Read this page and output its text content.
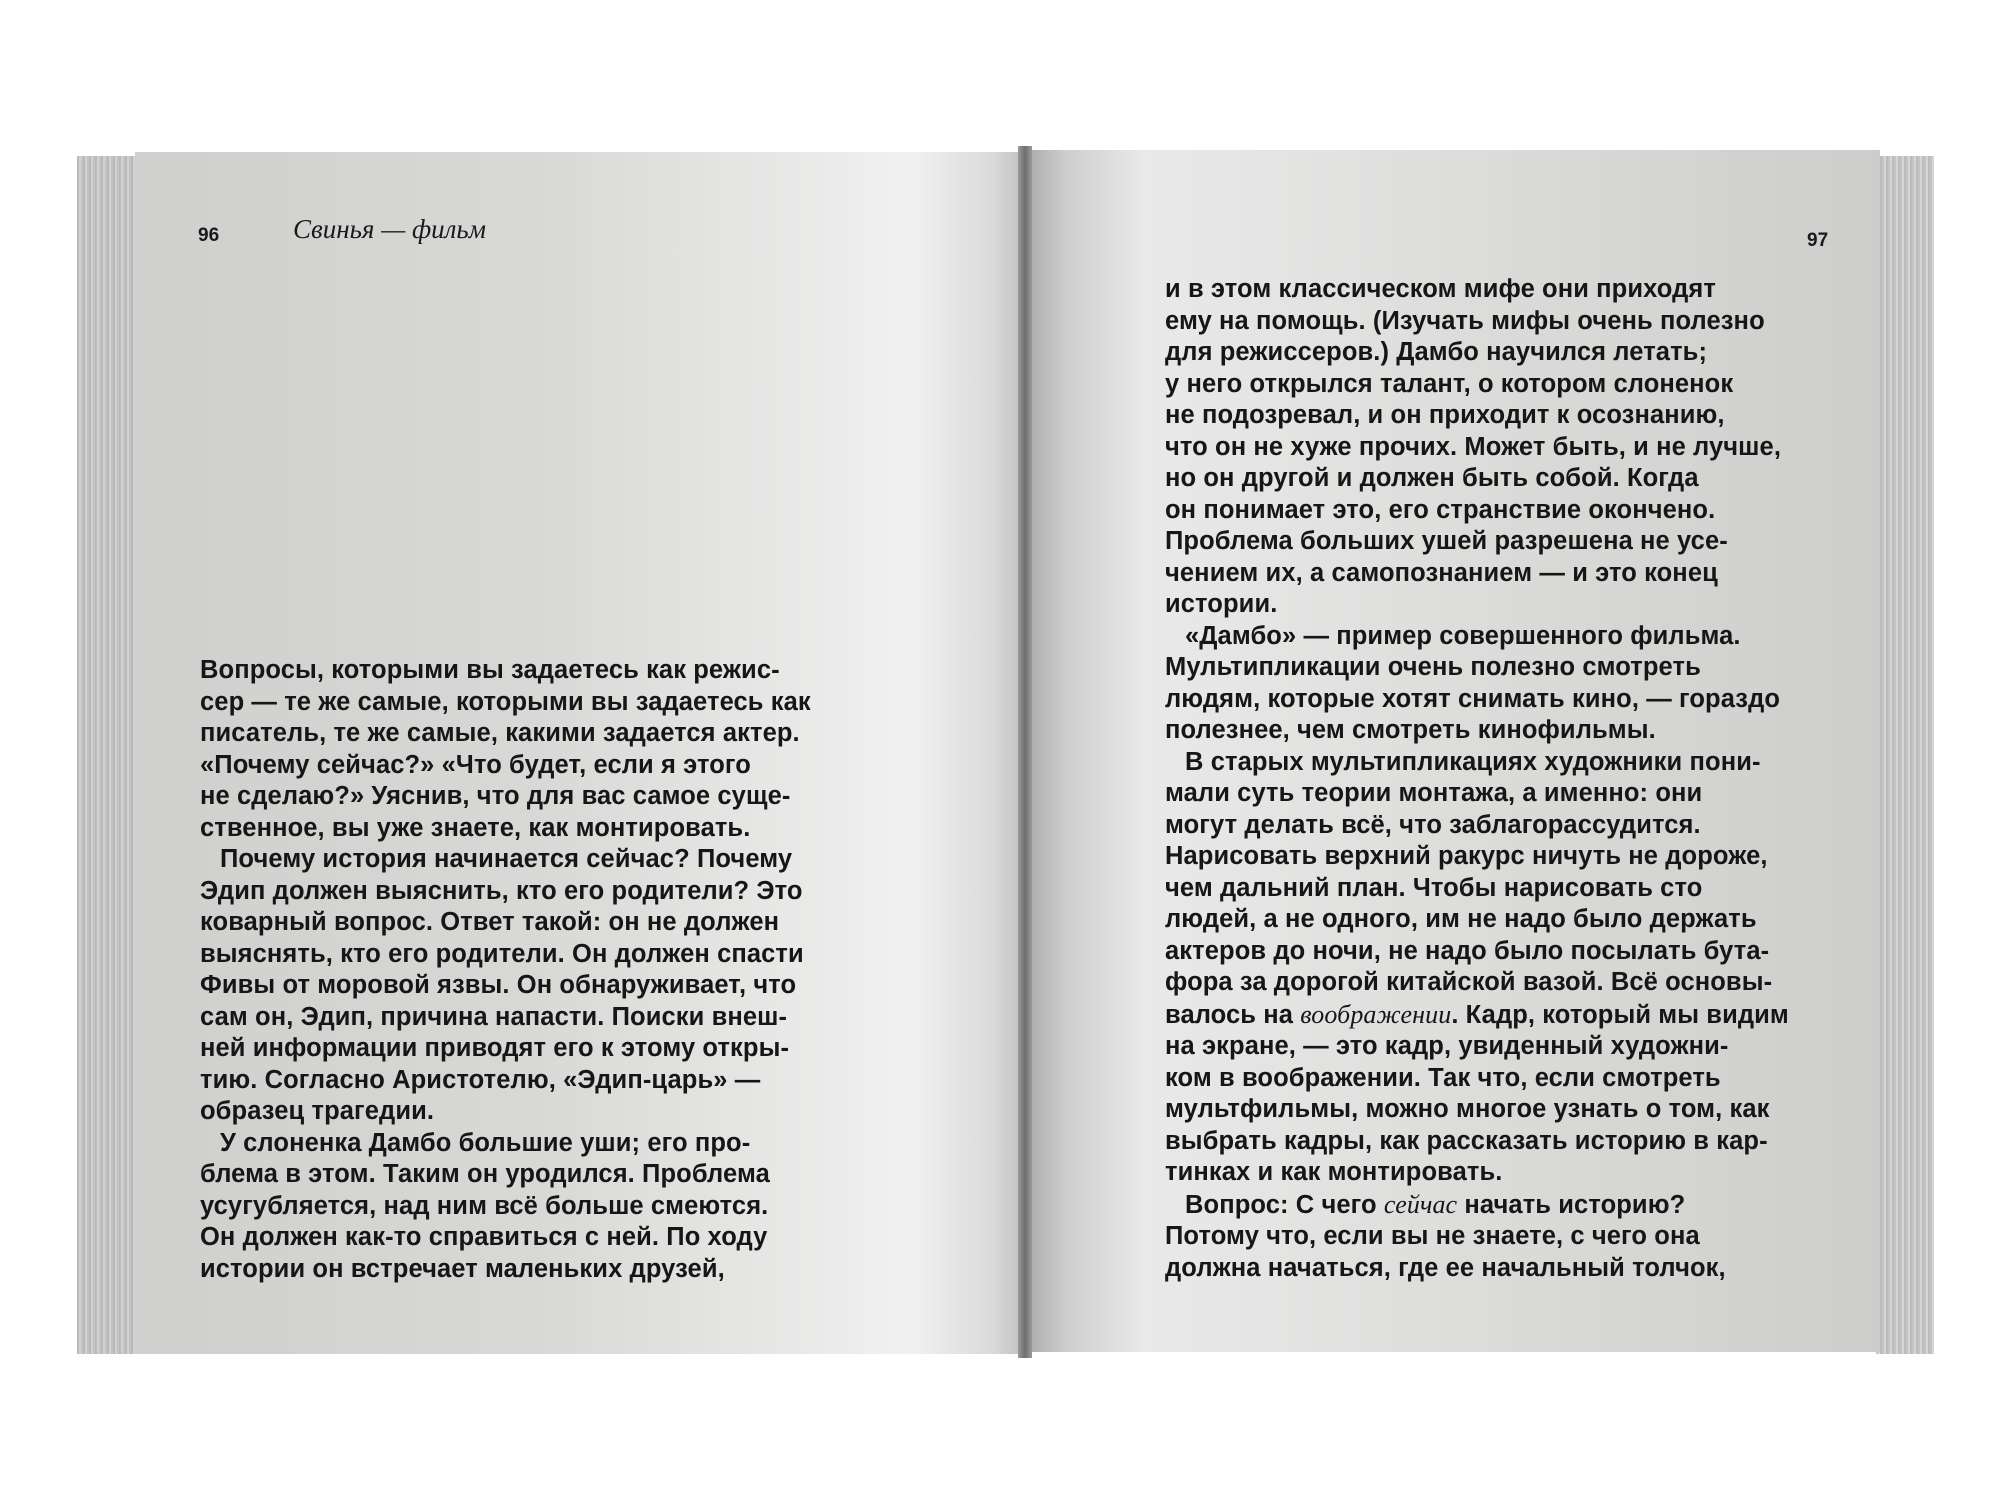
96	Свинья — фильм	97
Вопросы, которыми вы задаетесь как режис-
сер — те же самые, которыми вы задаетесь как
писатель, те же самые, какими задается актер.
«Почему сейчас?» «Что будет, если я этого
не сделаю?» Уяснив, что для вас самое суще-
ственное, вы уже знаете, как монтировать.
Почему история начинается сейчас? Почему
Эдип должен выяснить, кто его родители? Это
коварный вопрос. Ответ такой: он не должен
выяснять, кто его родители. Он должен спасти
Фивы от моровой язвы. Он обнаруживает, что
сам он, Эдип, причина напасти. Поиски внеш-
ней информации приводят его к этому откры-
тию. Согласно Аристотелю, «Эдип-царь» —
образец трагедии.
У слоненка Дамбо большие уши; его про-
блема в этом. Таким он уродился. Проблема
усугубляется, над ним всё больше смеются.
Он должен как-то справиться с ней. По ходу
истории он встречает маленьких друзей,
и в этом классическом мифе они приходят
ему на помощь. (Изучать мифы очень полезно
для режиссеров.) Дамбо научился летать;
у него открылся талант, о котором слоненок
не подозревал, и он приходит к осознанию,
что он не хуже прочих. Может быть, и не лучше,
но он другой и должен быть собой. Когда
он понимает это, его странствие окончено.
Проблема больших ушей разрешена не усе-
чением их, а самопознанием — и это конец
истории.
«Дамбо» — пример совершенного фильма.
Мультипликации очень полезно смотреть
людям, которые хотят снимать кино, — гораздо
полезнее, чем смотреть кинофильмы.
В старых мультипликациях художники пони-
мали суть теории монтажа, а именно: они
могут делать всё, что заблагорассудится.
Нарисовать верхний ракурс ничуть не дороже,
чем дальний план. Чтобы нарисовать сто
людей, а не одного, им не надо было держать
актеров до ночи, не надо было посылать бута-
фора за дорогой китайской вазой. Всё основы-
валось на воображении. Кадр, который мы видим
на экране, — это кадр, увиденный художни-
ком в воображении. Так что, если смотреть
мультфильмы, можно многое узнать о том, как
выбрать кадры, как рассказать историю в кар-
тинках и как монтировать.
Вопрос: С чего сейчас начать историю?
Потому что, если вы не знаете, с чего она
должна начаться, где ее начальный толчок,
